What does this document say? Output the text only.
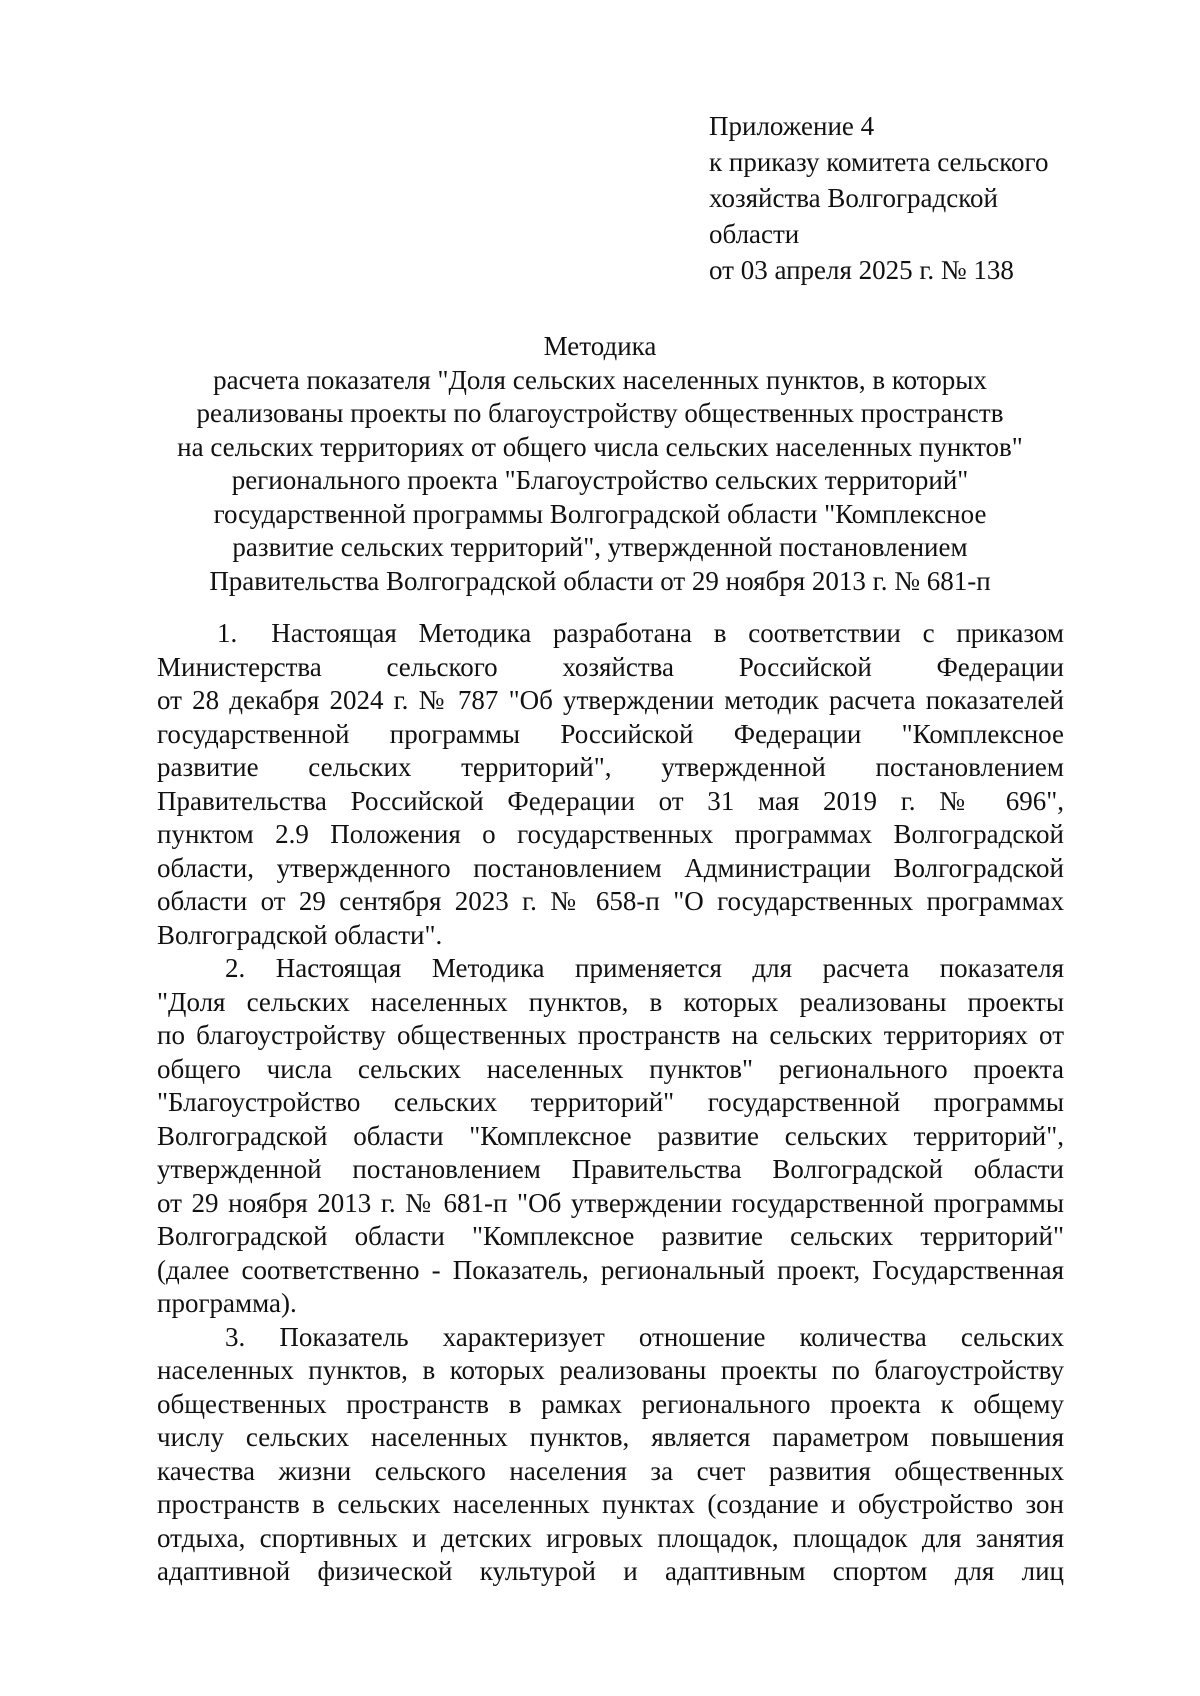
Приложение 4
к приказу комитета сельского
хозяйства Волгоградской
области
от 03 апреля 2025 г. № 138
Методика
расчета показателя "Доля сельских населенных пунктов, в которых
реализованы проекты по благоустройству общественных пространств
на сельских территориях от общего числа сельских населенных пунктов"
регионального проекта "Благоустройство сельских территорий"
государственной программы Волгоградской области "Комплексное
развитие сельских территорий", утвержденной постановлением
Правительства Волгоградской области от 29 ноября 2013 г. № 681-п
1. Настоящая Методика разработана в соответствии с приказом
Министерства сельского хозяйства Российской Федерации
от 28 декабря 2024 г. № 787 "Об утверждении методик расчета показателей
государственной программы Российской Федерации "Комплексное
развитие сельских территорий", утвержденной постановлением
Правительства Российской Федерации от 31 мая 2019 г. № 696",
пунктом 2.9 Положения о государственных программах Волгоградской
области, утвержденного постановлением Администрации Волгоградской
области от 29 сентября 2023 г. № 658-п "О государственных программах
Волгоградской области".
2. Настоящая Методика применяется для расчета показателя
"Доля сельских населенных пунктов, в которых реализованы проекты
по благоустройству общественных пространств на сельских территориях от
общего числа сельских населенных пунктов" регионального проекта
"Благоустройство сельских территорий" государственной программы
Волгоградской области "Комплексное развитие сельских территорий",
утвержденной постановлением Правительства Волгоградской области
от 29 ноября 2013 г. № 681-п "Об утверждении государственной программы
Волгоградской области "Комплексное развитие сельских территорий"
(далее соответственно - Показатель, региональный проект, Государственная
программа).
3. Показатель характеризует отношение количества сельских
населенных пунктов, в которых реализованы проекты по благоустройству
общественных пространств в рамках регионального проекта к общему
числу сельских населенных пунктов, является параметром повышения
качества жизни сельского населения за счет развития общественных
пространств в сельских населенных пунктах (создание и обустройство зон
отдыха, спортивных и детских игровых площадок, площадок для занятия
адаптивной физической культурой и адаптивным спортом для лиц
